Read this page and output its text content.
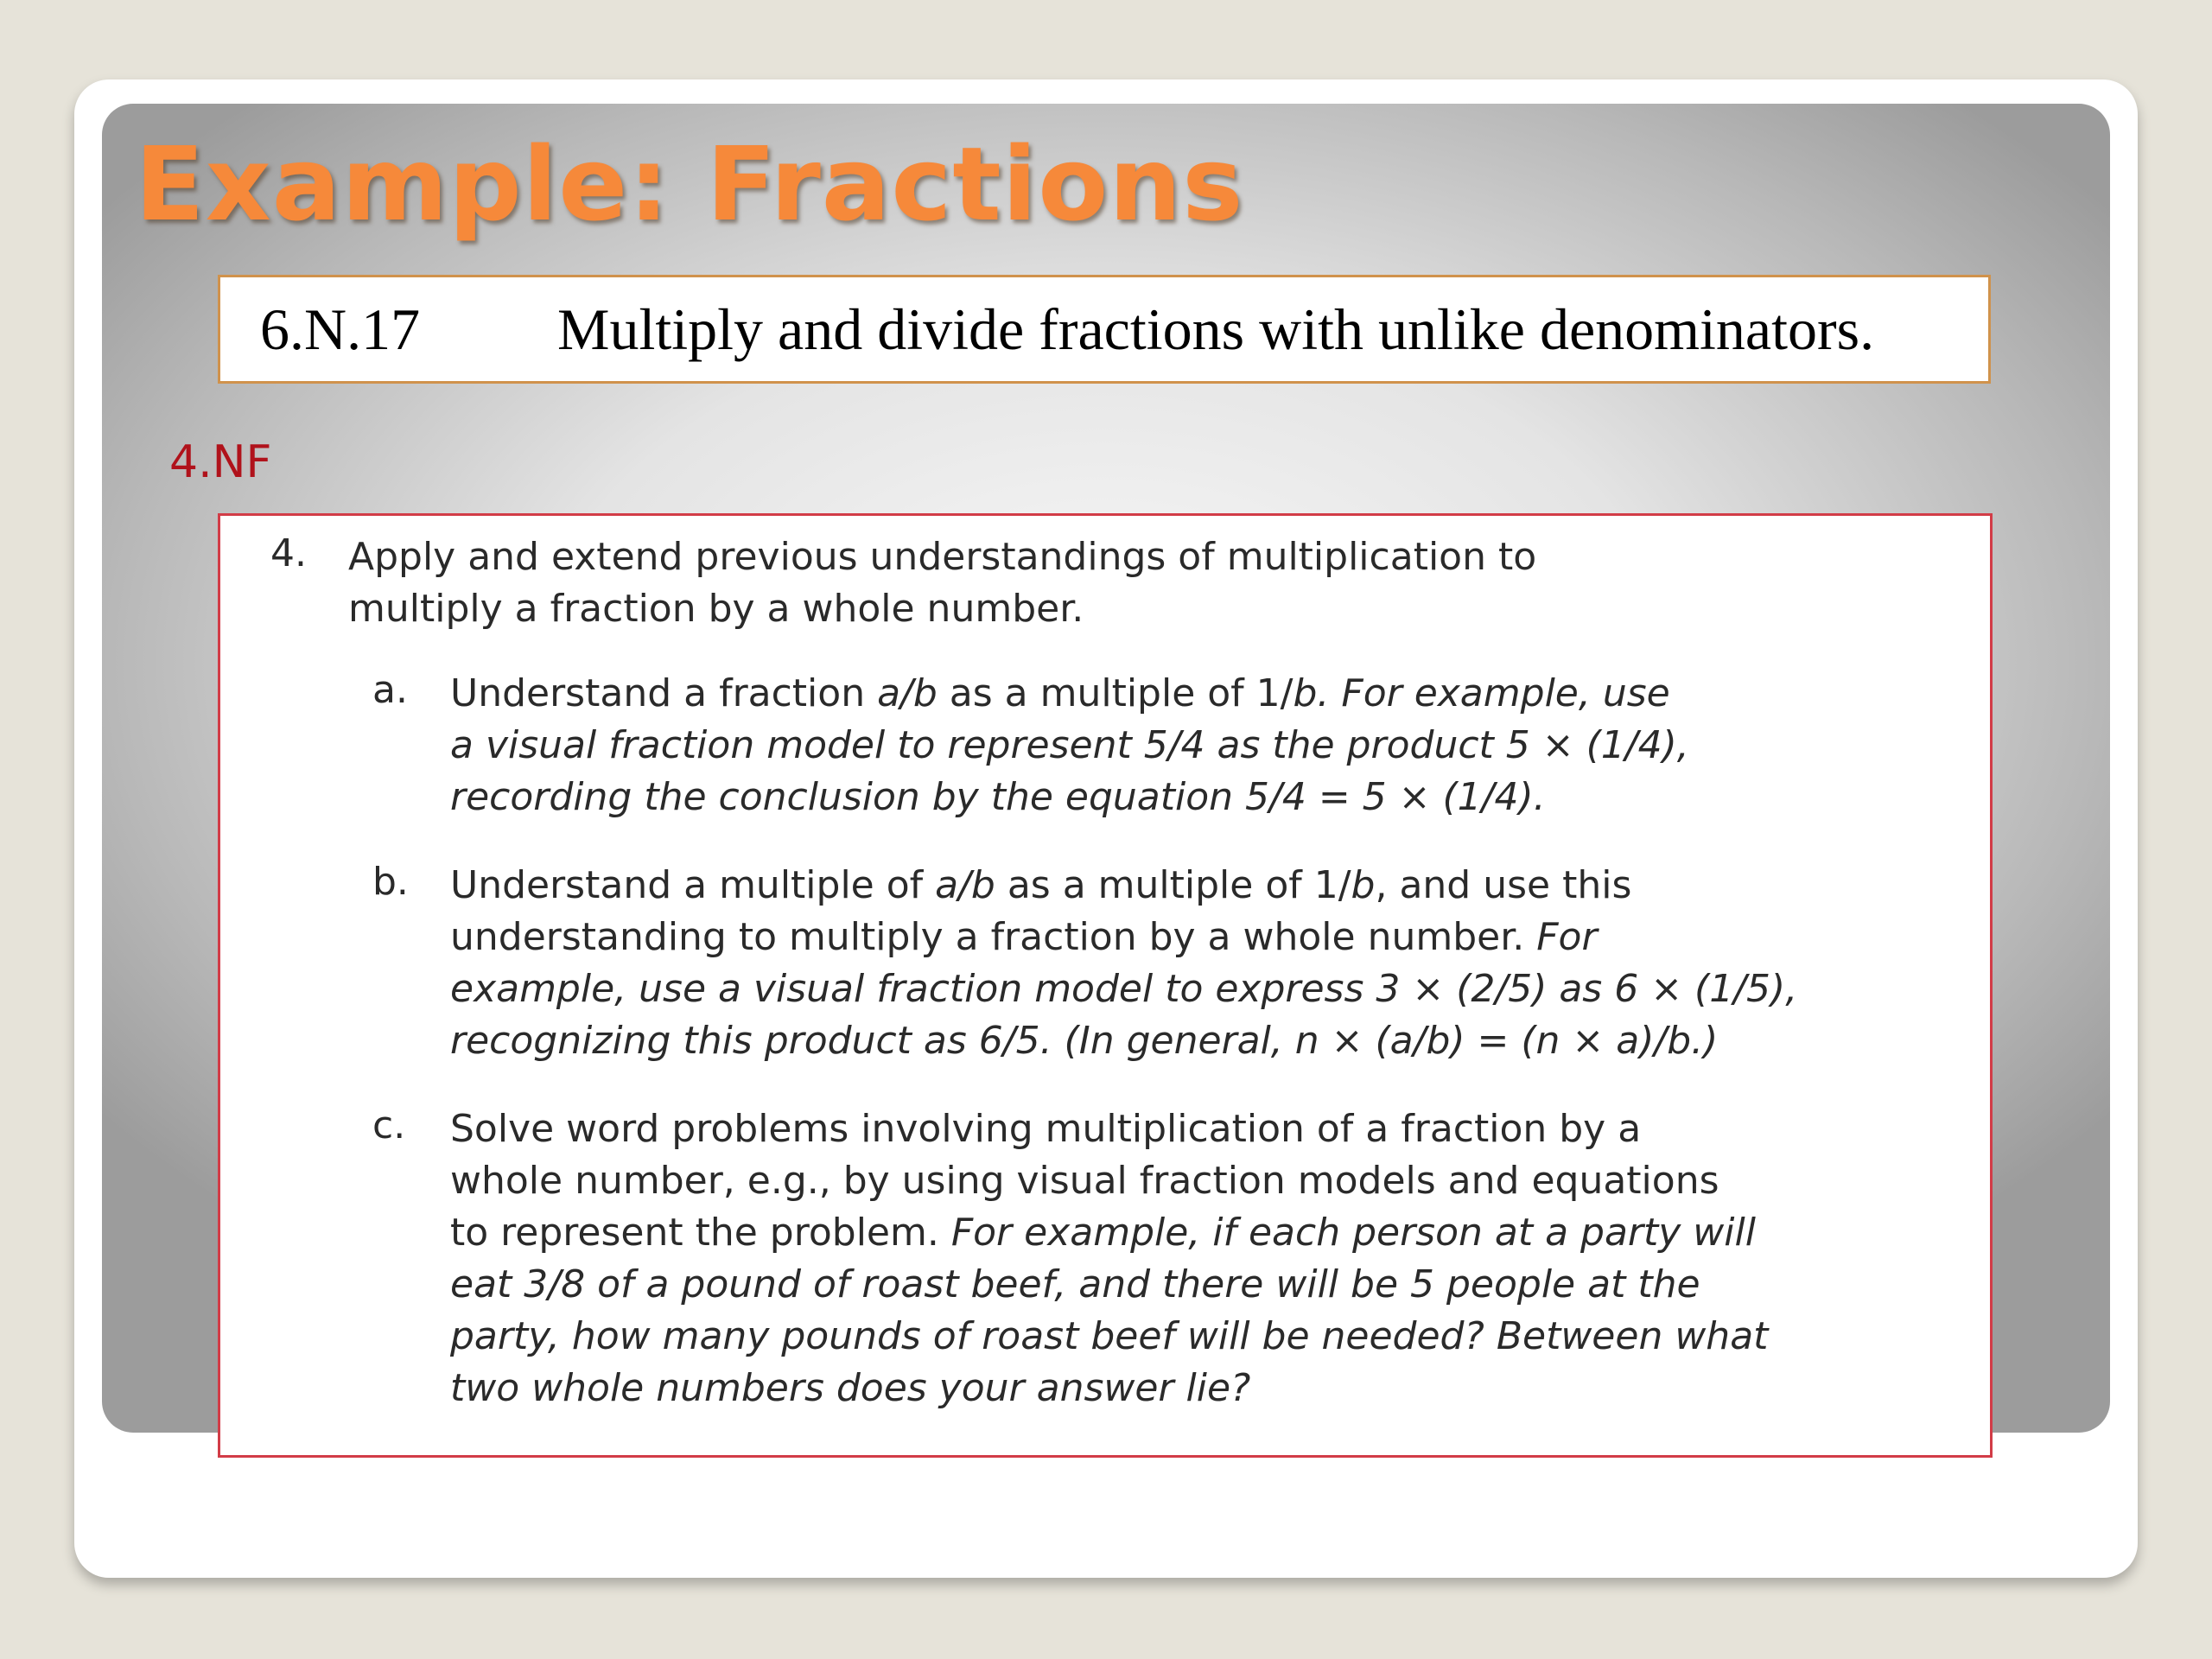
Example: Fractions
6.N.17 Multiply and divide fractions with unlike denominators.
4.NF
4. Apply and extend previous understandings of multiplication to
multiply a fraction by a whole number.
a. Understand a fraction a/b as a multiple of 1/b. For example, use
a visual fraction model to represent 5/4 as the product 5 × (1/4),
recording the conclusion by the equation 5/4 = 5 × (1/4).
b. Understand a multiple of a/b as a multiple of 1/b, and use this
understanding to multiply a fraction by a whole number. For
example, use a visual fraction model to express 3 × (2/5) as 6 × (1/5),
recognizing this product as 6/5. (In general, n × (a/b) = (n × a)/b.)
c. Solve word problems involving multiplication of a fraction by a
whole number, e.g., by using visual fraction models and equations
to represent the problem. For example, if each person at a party will
eat 3/8 of a pound of roast beef, and there will be 5 people at the
party, how many pounds of roast beef will be needed? Between what
two whole numbers does your answer lie?
